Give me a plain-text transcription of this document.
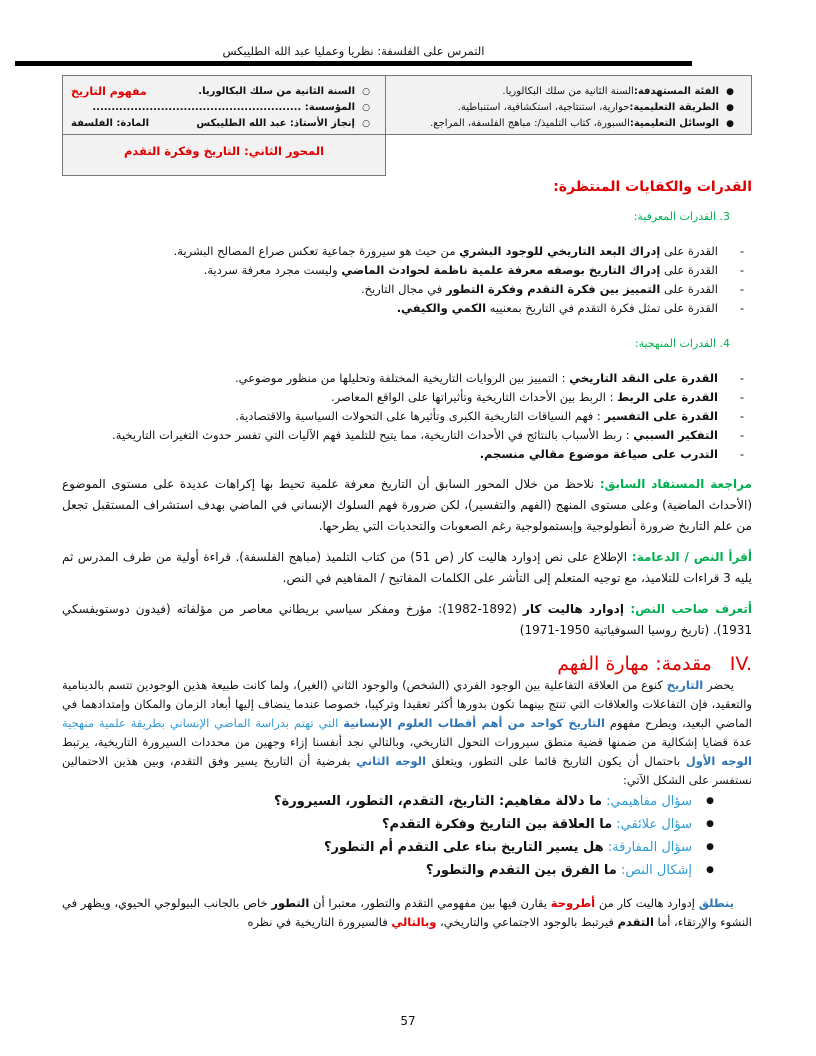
التمرس على الفلسفة: نظريا وعمليا عبد الله الطليبكس
●
الفئة المستهدفة:
السنة الثانية من سلك البكالوريا.
●
الطريقة التعليمية:
حوارية، استنتاجية، استكشافية، استنباطية.
●
الوسائل التعليمية:
السبورة، كتاب التلميذ/: مباهج الفلسفة، المراجع.
○
السنة الثانية من سلك البكالوريا.
مفهوم التاريخ
○
المؤسسة: .......................................................
○
إنجاز الأستاذ: عبد الله الطليبكس
المادة: الفلسفة
المحور الثاني: التاريخ وفكرة التقدم
القدرات والكفايات المنتظرة:
3. القدرات المعرفية:
- القدرة على إدراك البعد التاريخي للوجود البشري من حيث هو سيرورة جماعية تعكس صراع المصالح البشرية.
- القدرة على إدراك التاريخ بوصفه معرفة علمية ناظمة لحوادث الماضي وليست مجرد معرفة سردية.
- القدرة على التمييز بين فكرة التقدم وفكرة التطور في مجال التاريخ.
- القدرة على تمثل فكرة التقدم في التاريخ بمعنييه الكمي والكيفي.
4. القدرات المنهجية:
- القدرة على النقد التاريخي : التمييز بين الروايات التاريخية المختلفة وتحليلها من منظور موضوعي.
- القدرة على الربط : الربط بين الأحداث التاريخية وتأثيراتها على الواقع المعاصر.
- القدرة على التفسير : فهم السياقات التاريخية الكبرى وتأثيرها على التحولات السياسية والاقتصادية.
- التفكير السببي : ربط الأسباب بالنتائج في الأحداث التاريخية، مما يتيح للتلميذ فهم الآليات التي تفسر حدوث التغيرات التاريخية.
- التدرب على صياغة موضوع مقالي منسجم.

مراجعة المستفاد السابق: نلاحظ من خلال المحور السابق أن التاريخ معرفة علمية تحيط بها إكراهات عديدة على مستوى الموضوع (الأحداث الماضية) وعلى مستوى المنهج (الفهم والتفسير)، لكن ضرورة فهم السلوك الإنساني في الماضي بهدف استشراف المستقبل تجعل من علم التاريخ ضرورة أنطولوجية وإبستمولوجية رغم الصعوبات والتحديات التي يطرحها.

أقرأ النص / الدعامة: الإطلاع على نص إدوارد هاليت كار (ص 51) من كتاب التلميذ (مباهج الفلسفة). قراءة أولية من طرف المدرس ثم يليه 3 قراءات للتلاميذ، مع توجيه المتعلم إلى التأشر على الكلمات المفاتيح / المفاهيم في النص.

أتعرف صاحب النص: إدوارد هاليت كار (1892-1982): مؤرخ ومفكر سياسي بريطاني معاصر من مؤلفاته (فيدون دوستويفسكي 1931). (تاريخ روسيا السوفياتية 1950-1971)

IV.مقدمة: مهارة الفهم

يحضر التاريخ كنوع من العلاقة التفاعلية بين الوجود الفردي (الشخص) والوجود الثاني (الغير)، ولما كانت طبيعة هذين الوجودين تتسم بالدينامية والتعقيد، فإن التفاعلات والعلاقات التي تنتج بينهما تكون بدورها أكثر تعقيدا وتركيبا، خصوصا عندما ينضاف إليها أبعاد الزمان والمكان وإمتدادهما في الماضي البعيد، ويطرح مفهوم التاريخ كواحد من أهم أقطاب العلوم الإنسانية التي تهتم بدراسة الماضي الإنساني بطريقة علمية منهجية عدة قضايا إشكالية من ضمنها قضية منطق سيرورات التحول التاريخي، وبالتالي نجد أنفسنا إزاء وجهين من محددات السيرورة التاريخية، يرتبط الوجه الأول باحتمال أن يكون التاريخ قائما على التطور، ويتعلق الوجه الثاني بفرضية أن التاريخ يسير وفق التقدم، وبين هذين الاحتمالين نستفسر على الشكل الآتي:

● سؤال مفاهيمي: ما دلالة مفاهيم: التاريخ، التقدم، التطور، السيرورة؟
● سؤال علائقي: ما العلاقة بين التاريخ وفكرة التقدم؟
● سؤال المفارقة: هل يسير التاريخ بناء على التقدم أم التطور؟
● إشكال النص: ما الفرق بين التقدم والتطور؟

ينطلق إدوارد هاليت كار من أطروحة يقارن فيها بين مفهومي التقدم والتطور، معتبرا أن التطور خاص بالجانب البيولوجي الحيوي، ويظهر في النشوء والإرتقاء، أما التقدم فيرتبط بالوجود الاجتماعي والتاريخي، وبالتالي فالسيرورة التاريخية في نظره

57
